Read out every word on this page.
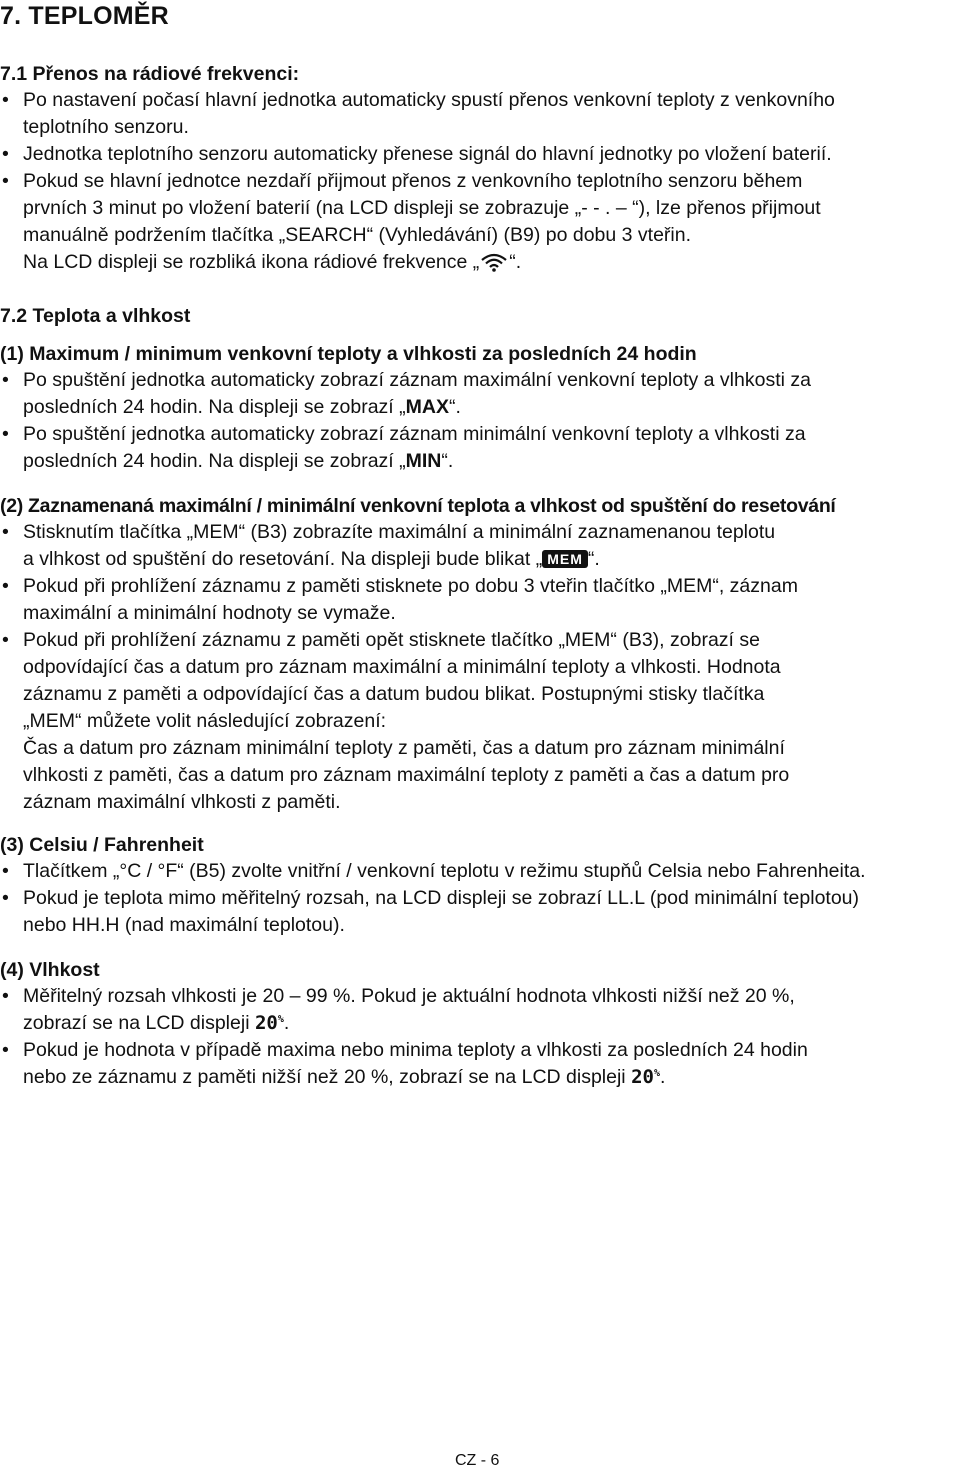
7. TEPLOMĚR
7.1 Přenos na rádiové frekvenci:
• Po nastavení počasí hlavní jednotka automaticky spustí přenos venkovní teploty z venkovního
teplotního senzoru.
• Jednotka teplotního senzoru automaticky přenese signál do hlavní jednotky po vložení baterií.
• Pokud se hlavní jednotce nezdaří přijmout přenos z venkovního teplotního senzoru během
prvních 3 minut po vložení baterií (na LCD displeji se zobrazuje „- - . – “), lze přenos přijmout
manuálně podržením tlačítka „SEARCH“ (Vyhledávání) (B9) po dobu 3 vteřin.
Na LCD displeji se rozbliká ikona rádiové frekvence „ “.
7.2 Teplota a vlhkost
(1) Maximum / minimum venkovní teploty a vlhkosti za posledních 24 hodin
• Po spuštění jednotka automaticky zobrazí záznam maximální venkovní teploty a vlhkosti za
posledních 24 hodin. Na displeji se zobrazí „MAX“.
• Po spuštění jednotka automaticky zobrazí záznam minimální venkovní teploty a vlhkosti za
posledních 24 hodin. Na displeji se zobrazí „MIN“.
(2) Zaznamenaná maximální / minimální venkovní teplota a vlhkost od spuštění do resetování
• Stisknutím tlačítka „MEM“ (B3) zobrazíte maximální a minimální zaznamenanou teplotu
a vlhkost od spuštění do resetování. Na displeji bude blikat „ MEM “.
• Pokud při prohlížení záznamu z paměti stisknete po dobu 3 vteřin tlačítko „MEM“, záznam
maximální a minimální hodnoty se vymaže.
• Pokud při prohlížení záznamu z paměti opět stisknete tlačítko „MEM“ (B3), zobrazí se
odpovídající čas a datum pro záznam maximální a minimální teploty a vlhkosti. Hodnota
záznamu z paměti a odpovídající čas a datum budou blikat. Postupnými stisky tlačítka
„MEM“ můžete volit následující zobrazení:
Čas a datum pro záznam minimální teploty z paměti, čas a datum pro záznam minimální
vlhkosti z paměti, čas a datum pro záznam maximální teploty z paměti a čas a datum pro
záznam maximální vlhkosti z paměti.
(3) Celsiu / Fahrenheit
• Tlačítkem „°C / °F“ (B5) zvolte vnitřní / venkovní teplotu v režimu stupňů Celsia nebo Fahrenheita.
• Pokud je teplota mimo měřitelný rozsah, na LCD displeji se zobrazí LL.L (pod minimální teplotou)
nebo HH.H (nad maximální teplotou).
(4) Vlhkost
• Měřitelný rozsah vlhkosti je 20 – 99 %. Pokud je aktuální hodnota vlhkosti nižší než 20 %,
zobrazí se na LCD displeji 20%.
• Pokud je hodnota v případě maxima nebo minima teploty a vlhkosti za posledních 24 hodin
nebo ze záznamu z paměti nižší než 20 %, zobrazí se na LCD displeji 20%.
CZ - 6
